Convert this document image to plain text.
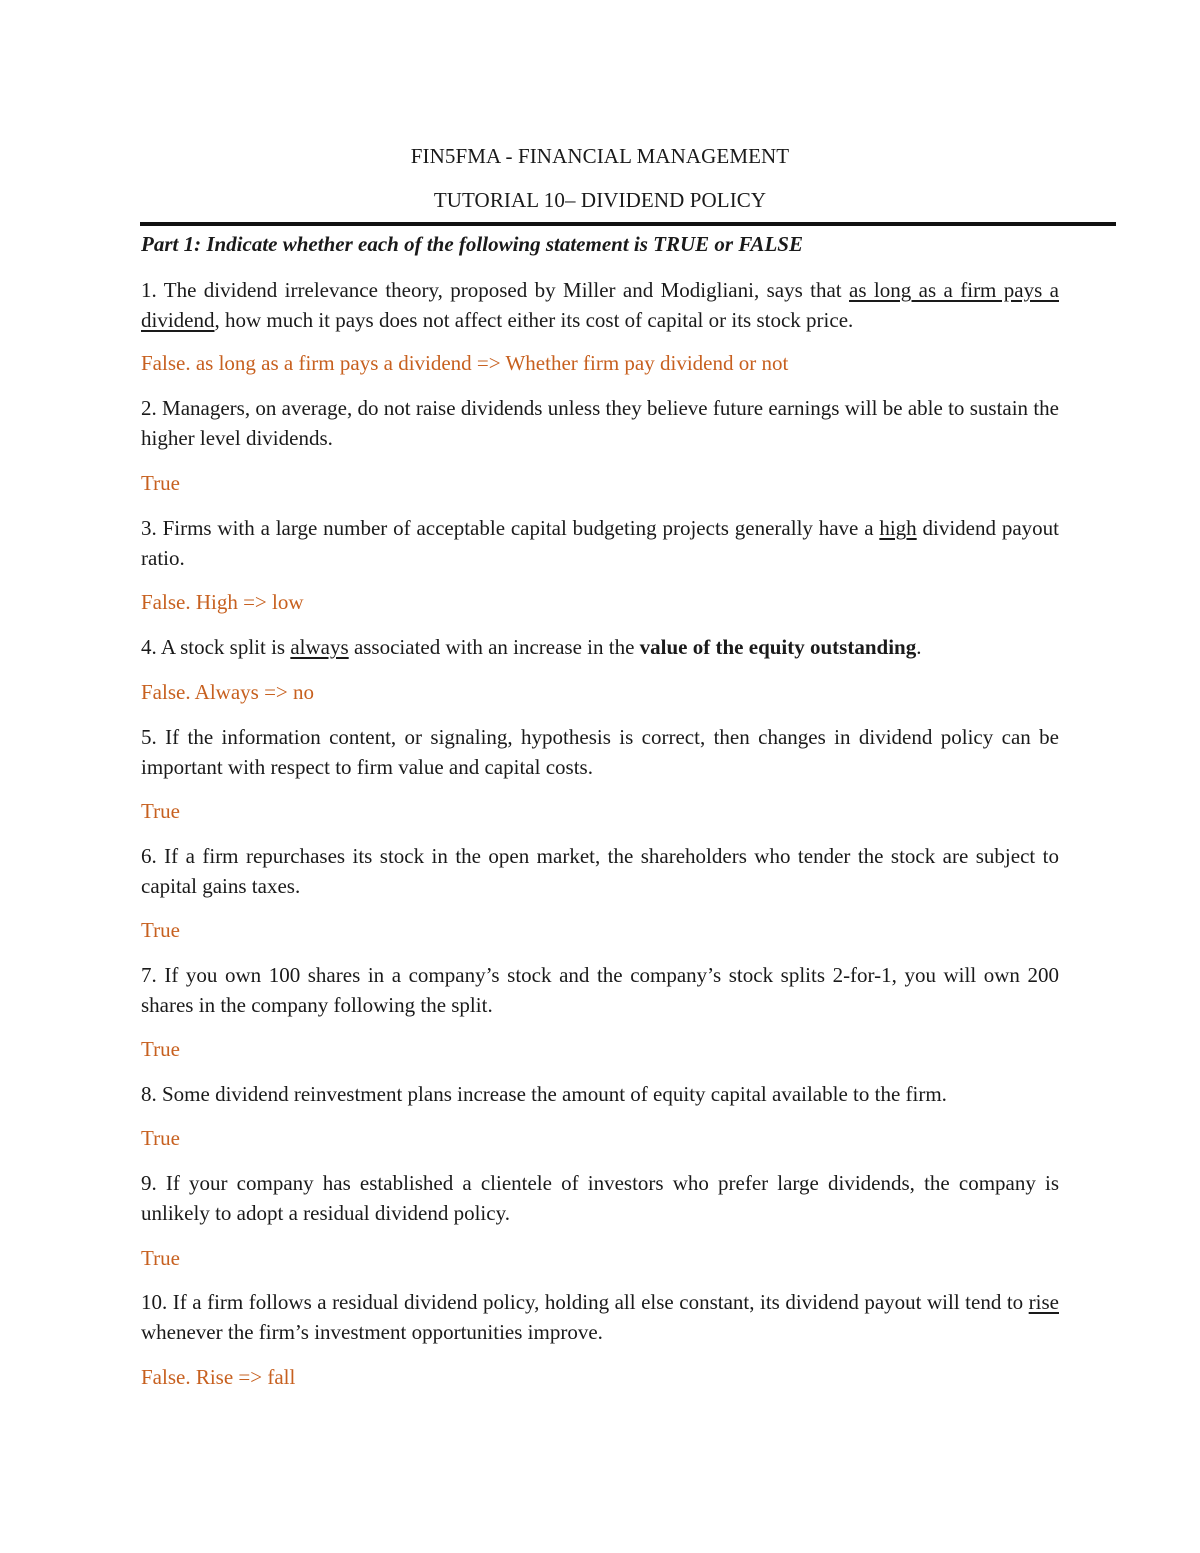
FIN5FMA - FINANCIAL MANAGEMENT
TUTORIAL 10– DIVIDEND POLICY

Part 1: Indicate whether each of the following statement is TRUE or FALSE

1. The dividend irrelevance theory, proposed by Miller and Modigliani, says that as long as a firm pays a dividend, how much it pays does not affect either its cost of capital or its stock price.

False. as long as a firm pays a dividend => Whether firm pay dividend or not

2. Managers, on average, do not raise dividends unless they believe future earnings will be able to sustain the higher level dividends.

True

3. Firms with a large number of acceptable capital budgeting projects generally have a high dividend payout ratio.

False. High => low

4. A stock split is always associated with an increase in the value of the equity outstanding.

False. Always => no

5. If the information content, or signaling, hypothesis is correct, then changes in dividend policy can be important with respect to firm value and capital costs.

True

6. If a firm repurchases its stock in the open market, the shareholders who tender the stock are subject to capital gains taxes.

True

7. If you own 100 shares in a company’s stock and the company’s stock splits 2-for-1, you will own 200 shares in the company following the split.

True

8. Some dividend reinvestment plans increase the amount of equity capital available to the firm.

True

9. If your company has established a clientele of investors who prefer large dividends, the company is unlikely to adopt a residual dividend policy.

True

10. If a firm follows a residual dividend policy, holding all else constant, its dividend payout will tend to rise whenever the firm’s investment opportunities improve.

False. Rise => fall
